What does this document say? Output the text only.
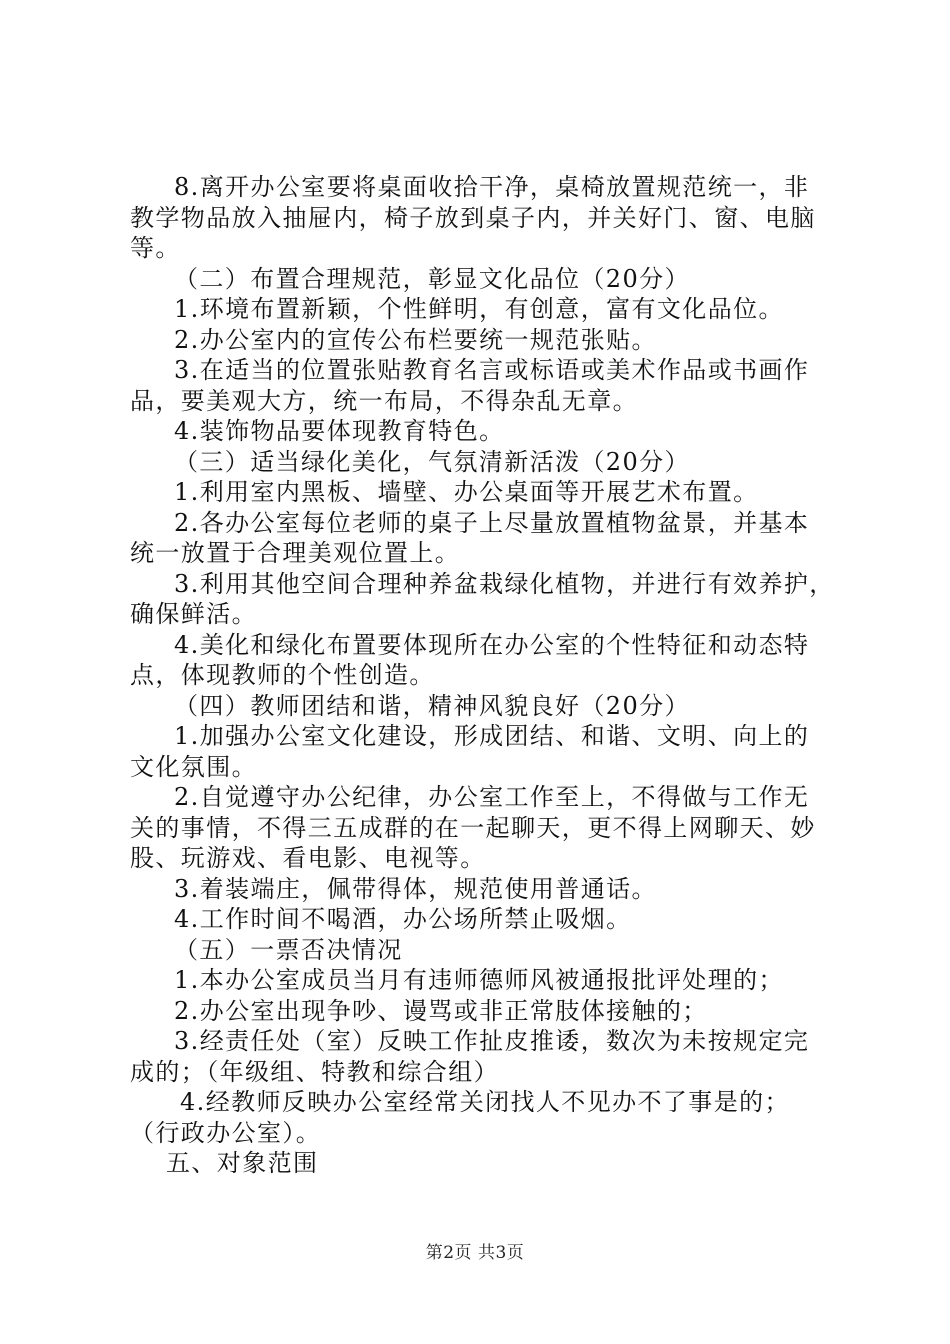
8.离开办公室要将桌面收拾干净，桌椅放置规范统一，非
教学物品放入抽屉内，椅子放到桌子内，并关好门、窗、电脑
等。
（二）布置合理规范，彰显文化品位（20分）
1.环境布置新颖，个性鲜明，有创意，富有文化品位。
2.办公室内的宣传公布栏要统一规范张贴。
3.在适当的位置张贴教育名言或标语或美术作品或书画作
品，要美观大方，统一布局，不得杂乱无章。
4.装饰物品要体现教育特色。
（三）适当绿化美化，气氛清新活泼（20分）
1.利用室内黑板、墙壁、办公桌面等开展艺术布置。
2.各办公室每位老师的桌子上尽量放置植物盆景，并基本
统一放置于合理美观位置上。
3.利用其他空间合理种养盆栽绿化植物，并进行有效养护，
确保鲜活。
4.美化和绿化布置要体现所在办公室的个性特征和动态特
点，体现教师的个性创造。
（四）教师团结和谐，精神风貌良好（20分）
1.加强办公室文化建设，形成团结、和谐、文明、向上的
文化氛围。
2.自觉遵守办公纪律，办公室工作至上，不得做与工作无
关的事情，不得三五成群的在一起聊天，更不得上网聊天、妙
股、玩游戏、看电影、电视等。
3.着装端庄，佩带得体，规范使用普通话。
4.工作时间不喝酒，办公场所禁止吸烟。
（五）一票否决情况
1.本办公室成员当月有违师德师风被通报批评处理的；
2.办公室出现争吵、谩骂或非正常肢体接触的；
3.经责任处（室）反映工作扯皮推诿，数次为未按规定完
成的；（年级组、特教和综合组）
4.经教师反映办公室经常关闭找人不见办不了事是的；
（行政办公室）。
五、对象范围
第2页 共3页
